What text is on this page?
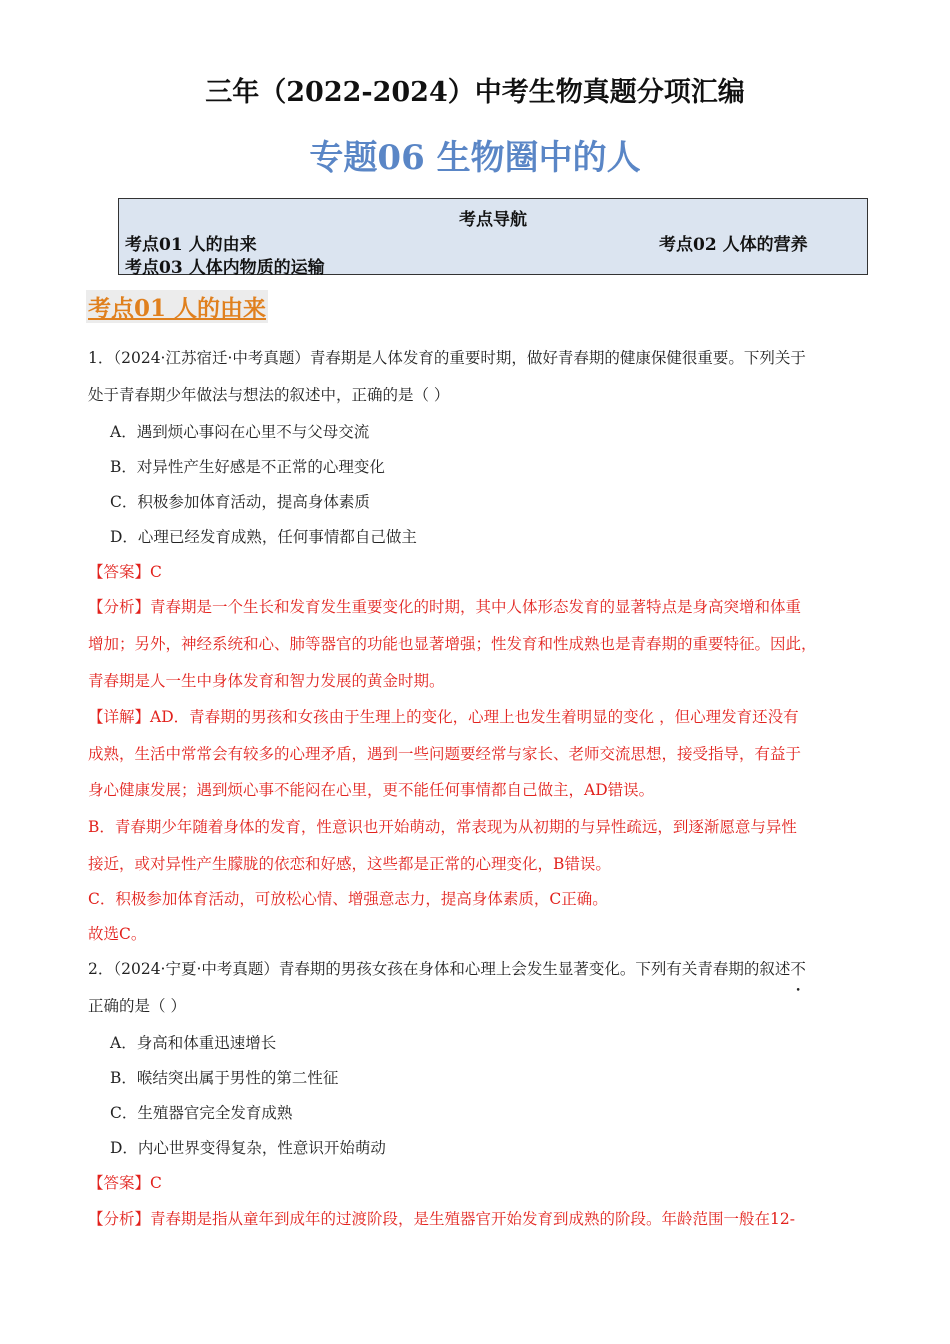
三年（2022-2024）中考生物真题分项汇编
专题06 生物圈中的人
考点导航
考点01 人的由来	考点02 人体的营养
考点03 人体内物质的运输
考点01 人的由来
1．（2024·江苏宿迁·中考真题）青春期是人体发育的重要时期，做好青春期的健康保健很重要。下列关于
处于青春期少年做法与想法的叙述中，正确的是（ ）
A．遇到烦心事闷在心里不与父母交流
B．对异性产生好感是不正常的心理变化
C．积极参加体育活动，提高身体素质
D．心理已经发育成熟，任何事情都自己做主
【答案】C
【分析】青春期是一个生长和发育发生重要变化的时期，其中人体形态发育的显著特点是身高突增和体重
增加；另外，神经系统和心、肺等器官的功能也显著增强；性发育和性成熟也是青春期的重要特征。因此，
青春期是人一生中身体发育和智力发展的黄金时期。
【详解】AD．青春期的男孩和女孩由于生理上的变化，心理上也发生着明显的变化 ，但心理发育还没有
成熟，生活中常常会有较多的心理矛盾，遇到一些问题要经常与家长、老师交流思想，接受指导，有益于
身心健康发展；遇到烦心事不能闷在心里，更不能任何事情都自己做主，AD错误。
B．青春期少年随着身体的发育，性意识也开始萌动，常表现为从初期的与异性疏远，到逐渐愿意与异性
接近，或对异性产生朦胧的依恋和好感，这些都是正常的心理变化，B错误。
C．积极参加体育活动，可放松心情、增强意志力，提高身体素质，C正确。
故选C。
2．（2024·宁夏·中考真题）青春期的男孩女孩在身体和心理上会发生显著变化。下列有关青春期的叙述不
正确的是（ ）
A．身高和体重迅速增长
B．喉结突出属于男性的第二性征
C．生殖器官完全发育成熟
D．内心世界变得复杂，性意识开始萌动
【答案】C
【分析】青春期是指从童年到成年的过渡阶段，是生殖器官开始发育到成熟的阶段。年龄范围一般在12-
